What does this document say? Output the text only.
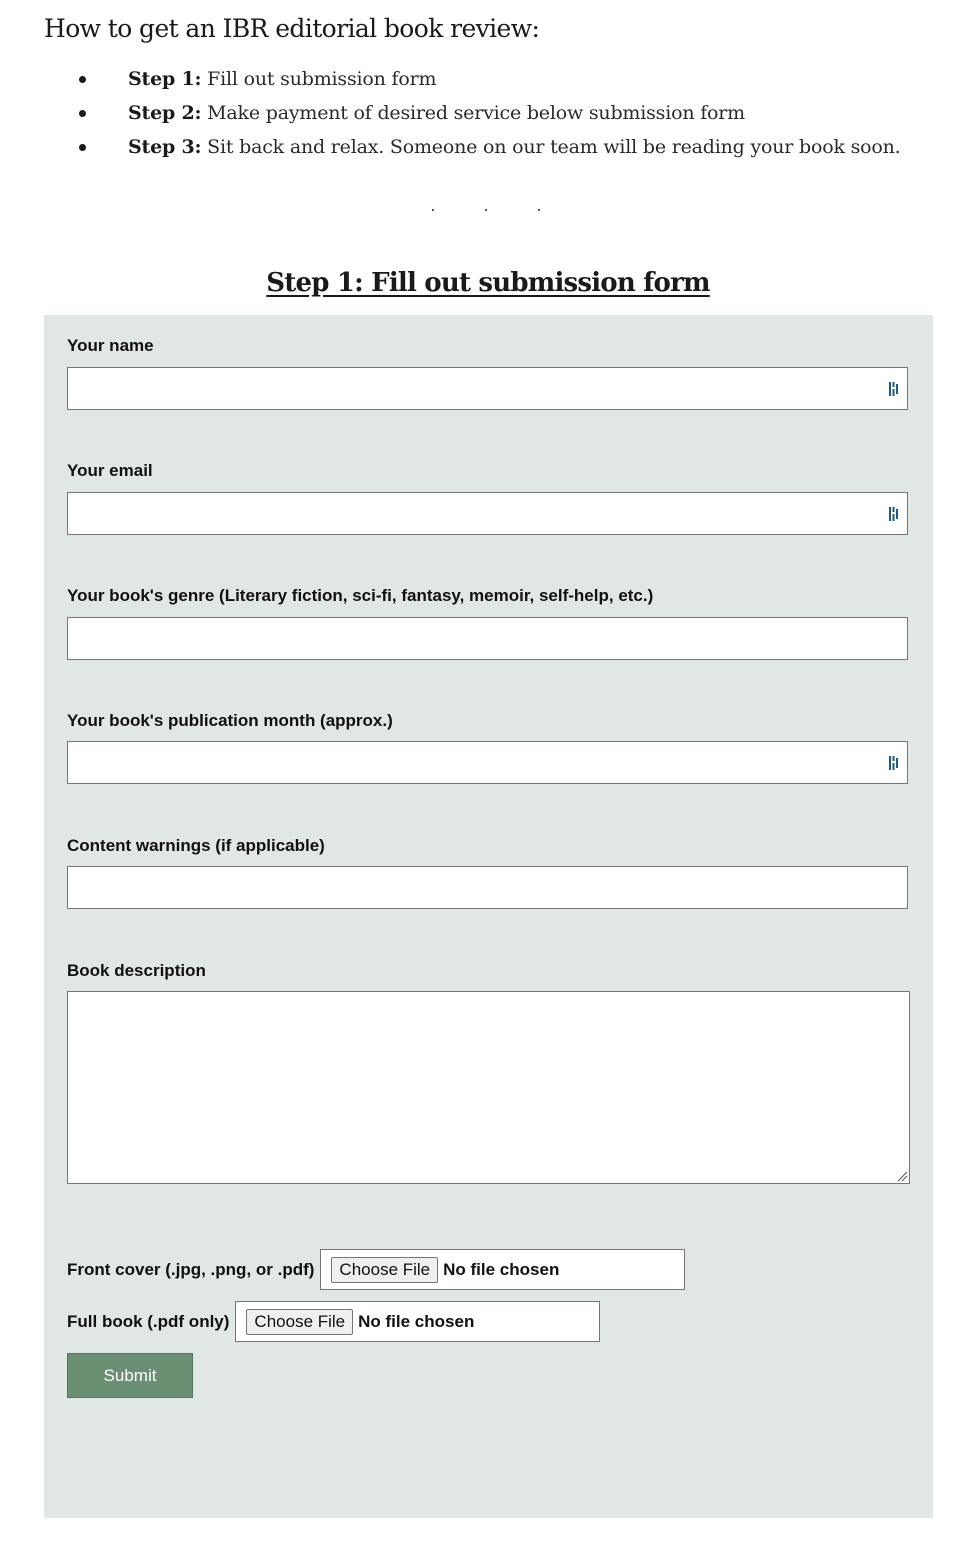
How to get an IBR editorial book review:
Step 1: Fill out submission form
Step 2: Make payment of desired service below submission form
Step 3: Sit back and relax. Someone on our team will be reading your book soon.
.	.	.
Step 1: Fill out submission form
Your name
Your email
Your book's genre (Literary fiction, sci-fi, fantasy, memoir, self-help, etc.)
Your book's publication month (approx.)
Content warnings (if applicable)
Book description
Front cover (.jpg, .png, or .pdf)	Choose File No file chosen
Full book (.pdf only)	Choose File No file chosen
Submit
